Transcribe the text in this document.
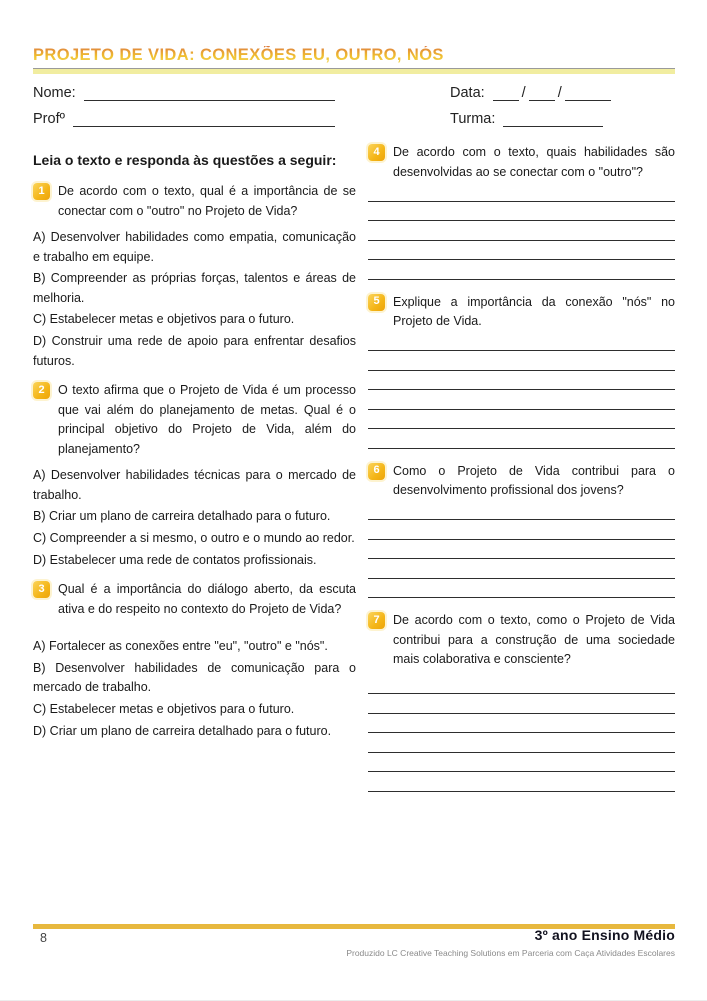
PROJETO DE VIDA: CONEXÕES EU, OUTRO, NÓS
Nome:
Profº
Data:	/ /
Turma:

Leia o texto e responda às questões a seguir:

1	De acordo com o texto, qual é a importância de se conectar com o "outro" no Projeto de Vida?

A) Desenvolver habilidades como empatia, comunicação e trabalho em equipe.

B) Compreender as próprias forças, talentos e áreas de melhoria.

C) Estabelecer metas e objetivos para o futuro.

D) Construir uma rede de apoio para enfrentar desafios futuros.

2	O texto afirma que o Projeto de Vida é um processo que vai além do planejamento de metas. Qual é o principal objetivo do Projeto de Vida, além do planejamento?

A) Desenvolver habilidades técnicas para o mercado de trabalho.

B) Criar um plano de carreira detalhado para o futuro.

C) Compreender a si mesmo, o outro e o mundo ao redor.

D) Estabelecer uma rede de contatos profissionais.

3	Qual é a importância do diálogo aberto, da escuta ativa e do respeito no contexto do Projeto de Vida?

A) Fortalecer as conexões entre "eu", "outro" e "nós".

B) Desenvolver habilidades de comunicação para o mercado de trabalho.

C) Estabelecer metas e objetivos para o futuro.

D) Criar um plano de carreira detalhado para o futuro.

4	De acordo com o texto, quais habilidades são desenvolvidas ao se conectar com o "outro"?

5	Explique a importância da conexão "nós" no Projeto de Vida.

6	Como o Projeto de Vida contribui para o desenvolvimento profissional dos jovens?

7	De acordo com o texto, como o Projeto de Vida contribui para a construção de uma sociedade mais colaborativa e consciente?

8	3º ano Ensino Médio
Produzido LC Creative Teaching Solutions em Parceria com Caça Atividades Escolares
